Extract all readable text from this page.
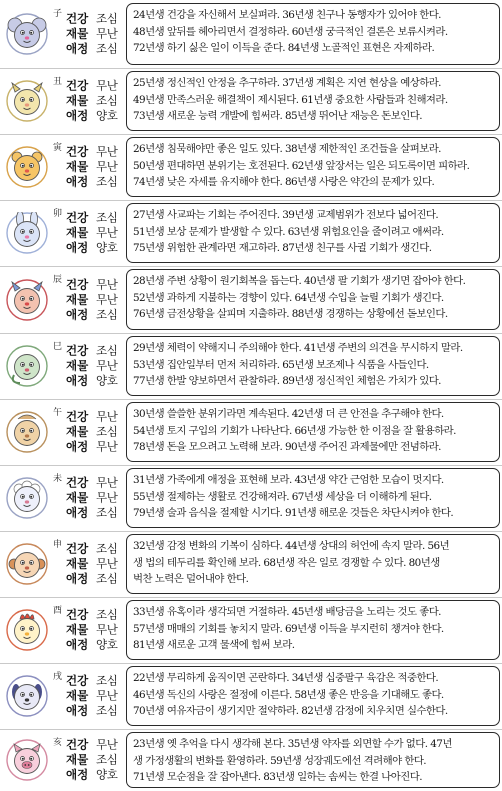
子 건강 조심
재물 무난
애정 조심

24년생 건강을 자신해서 보실펴라. 36년생 친구나 동행자가 있어야 한다.

48년생 앞뒤를 헤아리면서 결정하라. 60년생 궁극적인 결론은 보류시켜라.

72년생 하기 싫은 일이 이득을 준다. 84년생 노골적인 표현은 자제하라.

丑 건강 무난
재물 조심
애정 양호

25년생 정신적인 안정을 추구하라. 37년생 계획은 지연 현상을 예상하라.

49년생 만족스러운 해결책이 제시된다. 61년생 중요한 사람들과 친해져라.

73년생 새로운 능력 개발에 힘써라. 85년생 뛰어난 재능은 돈보인다.

寅 건강 무난
재물 무난
애정 조심

26년생 침묵해야만 좋은 일도 있다. 38년생 제한적인 조건들을 살펴보라.

50년생 편대하면 분위기는 호전된다. 62년생 앞장서는 일은 되도록이면 피하라.

74년생 낮은 자세를 유지해야 한다. 86년생 사랑은 약간의 문제가 있다.

卯 건강 조심
재물 무난
애정 양호

27년생 사교파는 기회는 주어진다. 39년생 교제범위가 전보다 넓어진다.

51년생 보상 문제가 발생할 수 있다. 63년생 위험요인을 줄이려고 애써라.

75년생 위험한 관계라면 재고하라. 87년생 친구를 사귈 기회가 생긴다.

辰 건강 무난
재물 무난
애정 조심

28년생 주변 상황이 원기회복을 돕는다. 40년생 팔 기회가 생기면 잡아야 한다.

52년생 과하게 지불하는 경향이 있다. 64년생 수입을 늘릴 기회가 생긴다.

76년생 금전상황을 살피며 지출하라. 88년생 경쟁하는 상황에선 돋보인다.

巳 건강 조심
재물 무난
애정 양호

29년생 체력이 약해지니 주의해야 한다. 41년생 주변의 의견을 무시하지 말라.

53년생 집안일부터 먼저 처리하라. 65년생 보조제나 식품을 사들인다.

77년생 한발 양보하면서 관찰하라. 89년생 정신적인 체험은 가치가 있다.

午 건강 무난
재물 조심
애정 무난

30년생 쓸쓸한 분위기라면 계속된다. 42년생 더 큰 안전을 추구해야 한다.

54년생 토지 구입의 기회가 나타난다. 66년생 가능한 한 이점을 잘 활용하라.

78년생 돈을 모으려고 노력해 보라. 90년생 주어진 과제물에만 전념하라.

未 건강 무난
재물 무난
애정 조심

31년생 가족에게 애정을 표현해 보라. 43년생 약간 근엄한 모습이 멋지다.

55년생 절제하는 생활로 건강해져라. 67년생 세상을 더 이해하게 된다.

79년생 술과 음식을 절제할 시기다. 91년생 해로운 것들은 차단시켜야 한다.

申 건강 조심
재물 무난
애정 조심

32년생 감정 변화의 기복이 심하다. 44년생 상대의 허언에 속지 말라. 56년

생 법의 테두리를 확인해 보라. 68년생 작은 일로 경쟁할 수 있다. 80년생

벅찬 노력은 덜어내야 한다.

酉 건강 조심
재물 무난
애정 양호

33년생 유혹이라 생각되면 거절하라. 45년생 배당금을 노리는 것도 좋다.

57년생 매매의 기회를 놓치지 말라. 69년생 이득을 부지런히 챙겨야 한다.

81년생 새로운 고객 물색에 힘써 보라.

戌 건강 조심
재물 무난
애정 조심

22년생 무리하게 움직이면 곤란하다. 34년생 십중팔구 육감은 적중한다.

46년생 독신의 사랑은 절정에 이른다. 58년생 좋은 반응을 기대해도 좋다.

70년생 여유자금이 생기지만 절약하라. 82년생 감정에 치우치면 실수한다.

亥 건강 무난
재물 조심
애정 양호

23년생 옛 추억을 다시 생각해 본다. 35년생 약자를 외면할 수가 없다. 47년

생 가정생활의 변화를 환영하라. 59년생 성장궤도에선 격려해야 한다.

71년생 모순점을 잘 잡아낸다. 83년생 일하는 솜씨는 한결 나아진다.
